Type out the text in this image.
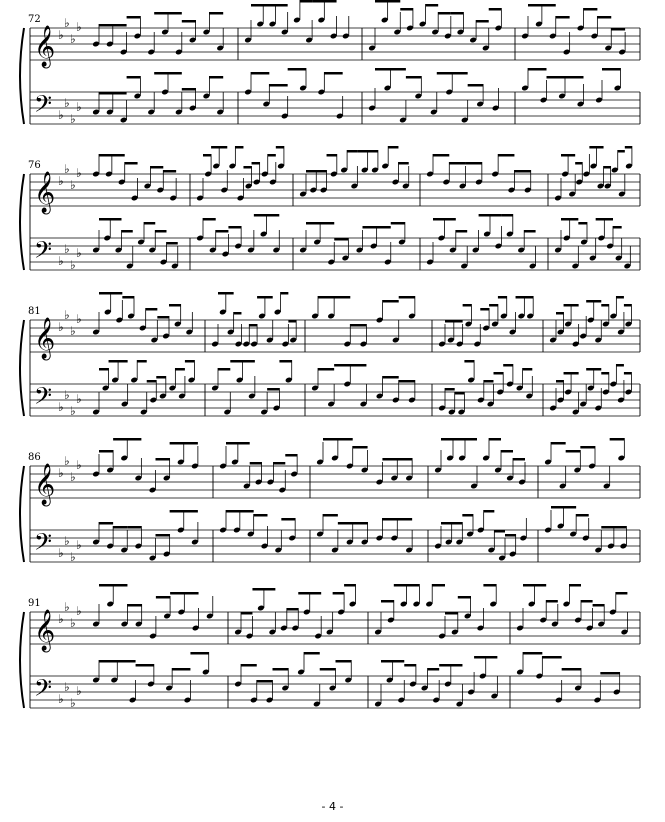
72
𝄞
𝄢
♭
♭
♭
♭
♭
♭
♭
♭
76
𝄞
𝄢
♭
♭
♭
♭
♭
♭
♭
♭
81
𝄞
𝄢
♭
♭
♭
♭
♭
♭
♭
♭
86
𝄞
𝄢
♭
♭
♭
♭
♭
♭
♭
♭
91
𝄞
𝄢
♭
♭
♭
♭
♭
♭
♭
♭
- 4 -
